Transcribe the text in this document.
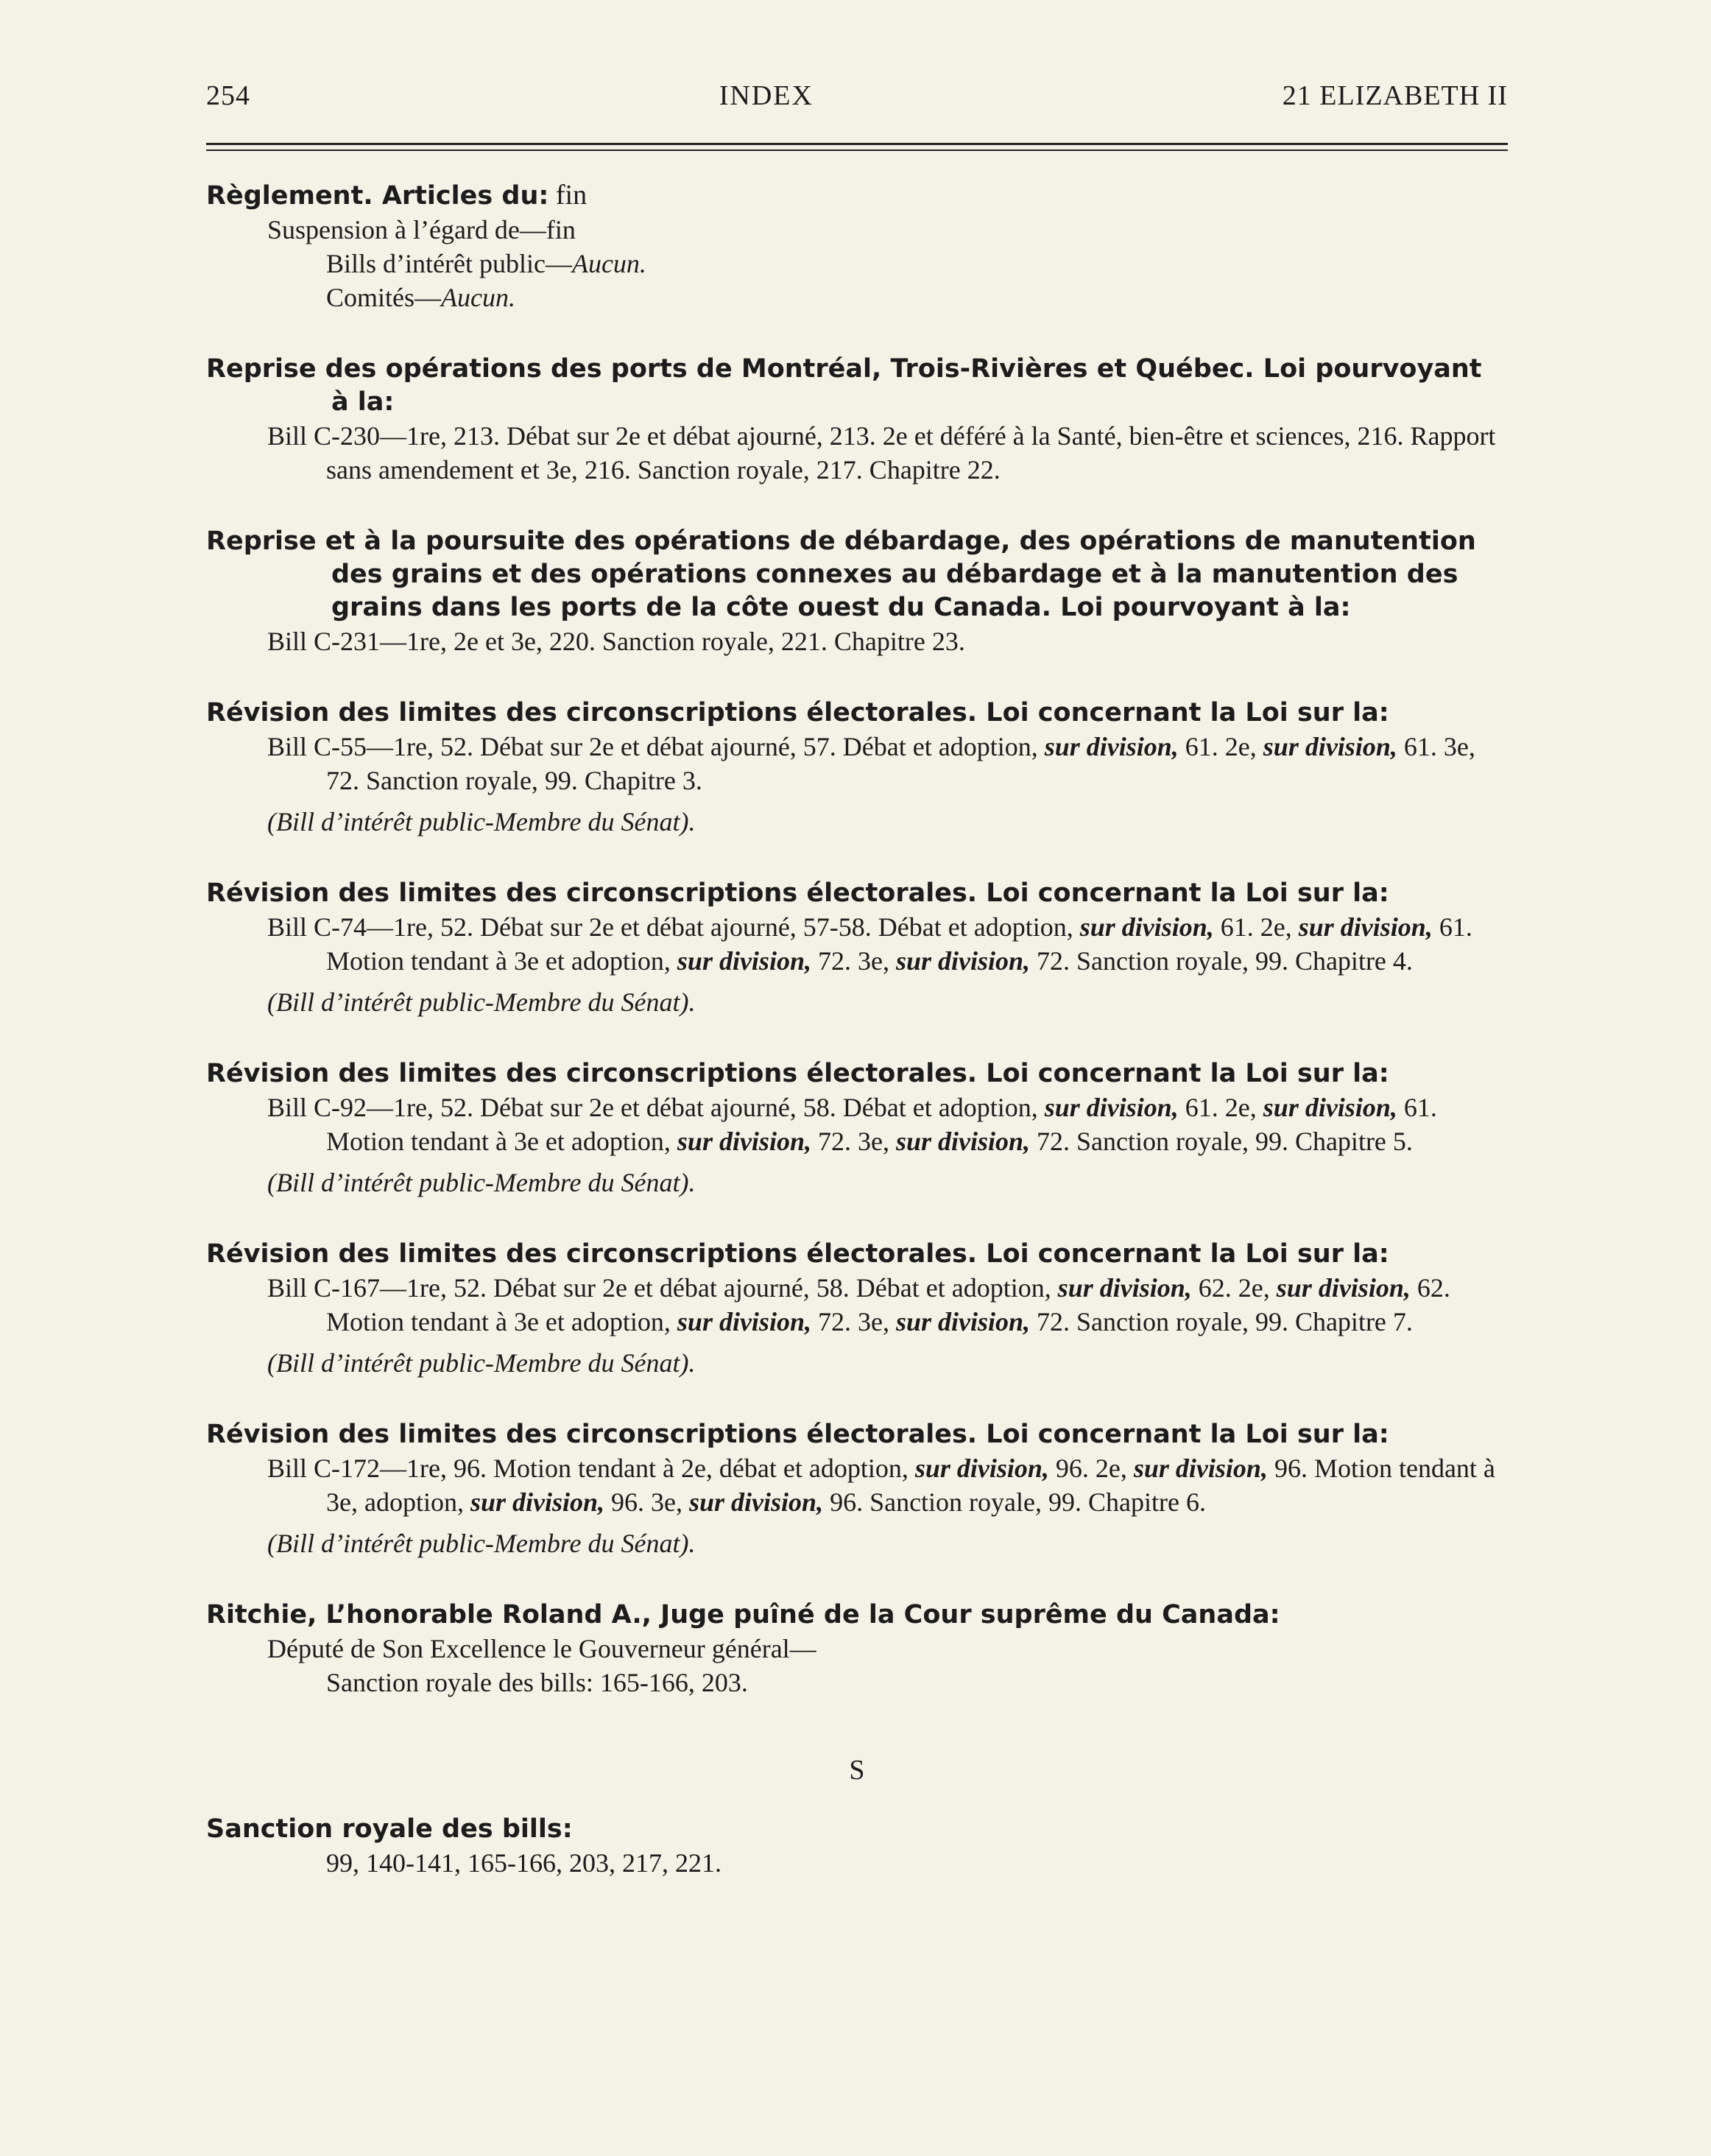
254	INDEX	21 ELIZABETH II
Règlement. Articles du: fin
Suspension à l’égard de—fin
Bills d’intérêt public—Aucun.
Comités—Aucun.
Reprise des opérations des ports de Montréal, Trois-Rivières et Québec. Loi pourvoyant à la:
Bill C-230—1re, 213. Débat sur 2e et débat ajourné, 213. 2e et déféré à la Santé, bien-être et sciences, 216. Rapport sans amendement et 3e, 216. Sanction royale, 217. Chapitre 22.
Reprise et à la poursuite des opérations de débardage, des opérations de manutention des grains et des opérations connexes au débardage et à la manutention des grains dans les ports de la côte ouest du Canada. Loi pourvoyant à la:
Bill C-231—1re, 2e et 3e, 220. Sanction royale, 221. Chapitre 23.
Révision des limites des circonscriptions électorales. Loi concernant la Loi sur la:
Bill C-55—1re, 52. Débat sur 2e et débat ajourné, 57. Débat et adoption, sur division, 61. 2e, sur division, 61. 3e, 72. Sanction royale, 99. Chapitre 3.
(Bill d’intérêt public-Membre du Sénat).
Révision des limites des circonscriptions électorales. Loi concernant la Loi sur la:
Bill C-74—1re, 52. Débat sur 2e et débat ajourné, 57-58. Débat et adoption, sur division, 61. 2e, sur division, 61. Motion tendant à 3e et adoption, sur division, 72. 3e, sur division, 72. Sanction royale, 99. Chapitre 4.
(Bill d’intérêt public-Membre du Sénat).
Révision des limites des circonscriptions électorales. Loi concernant la Loi sur la:
Bill C-92—1re, 52. Débat sur 2e et débat ajourné, 58. Débat et adoption, sur division, 61. 2e, sur division, 61. Motion tendant à 3e et adoption, sur division, 72. 3e, sur division, 72. Sanction royale, 99. Chapitre 5.
(Bill d’intérêt public-Membre du Sénat).
Révision des limites des circonscriptions électorales. Loi concernant la Loi sur la:
Bill C-167—1re, 52. Débat sur 2e et débat ajourné, 58. Débat et adoption, sur division, 62. 2e, sur division, 62. Motion tendant à 3e et adoption, sur division, 72. 3e, sur division, 72. Sanction royale, 99. Chapitre 7.
(Bill d’intérêt public-Membre du Sénat).
Révision des limites des circonscriptions électorales. Loi concernant la Loi sur la:
Bill C-172—1re, 96. Motion tendant à 2e, débat et adoption, sur division, 96. 2e, sur division, 96. Motion tendant à 3e, adoption, sur division, 96. 3e, sur division, 96. Sanction royale, 99. Chapitre 6.
(Bill d’intérêt public-Membre du Sénat).
Ritchie, L’honorable Roland A., Juge puîné de la Cour suprême du Canada:
Député de Son Excellence le Gouverneur général—
Sanction royale des bills: 165-166, 203.
S
Sanction royale des bills:
99, 140-141, 165-166, 203, 217, 221.
